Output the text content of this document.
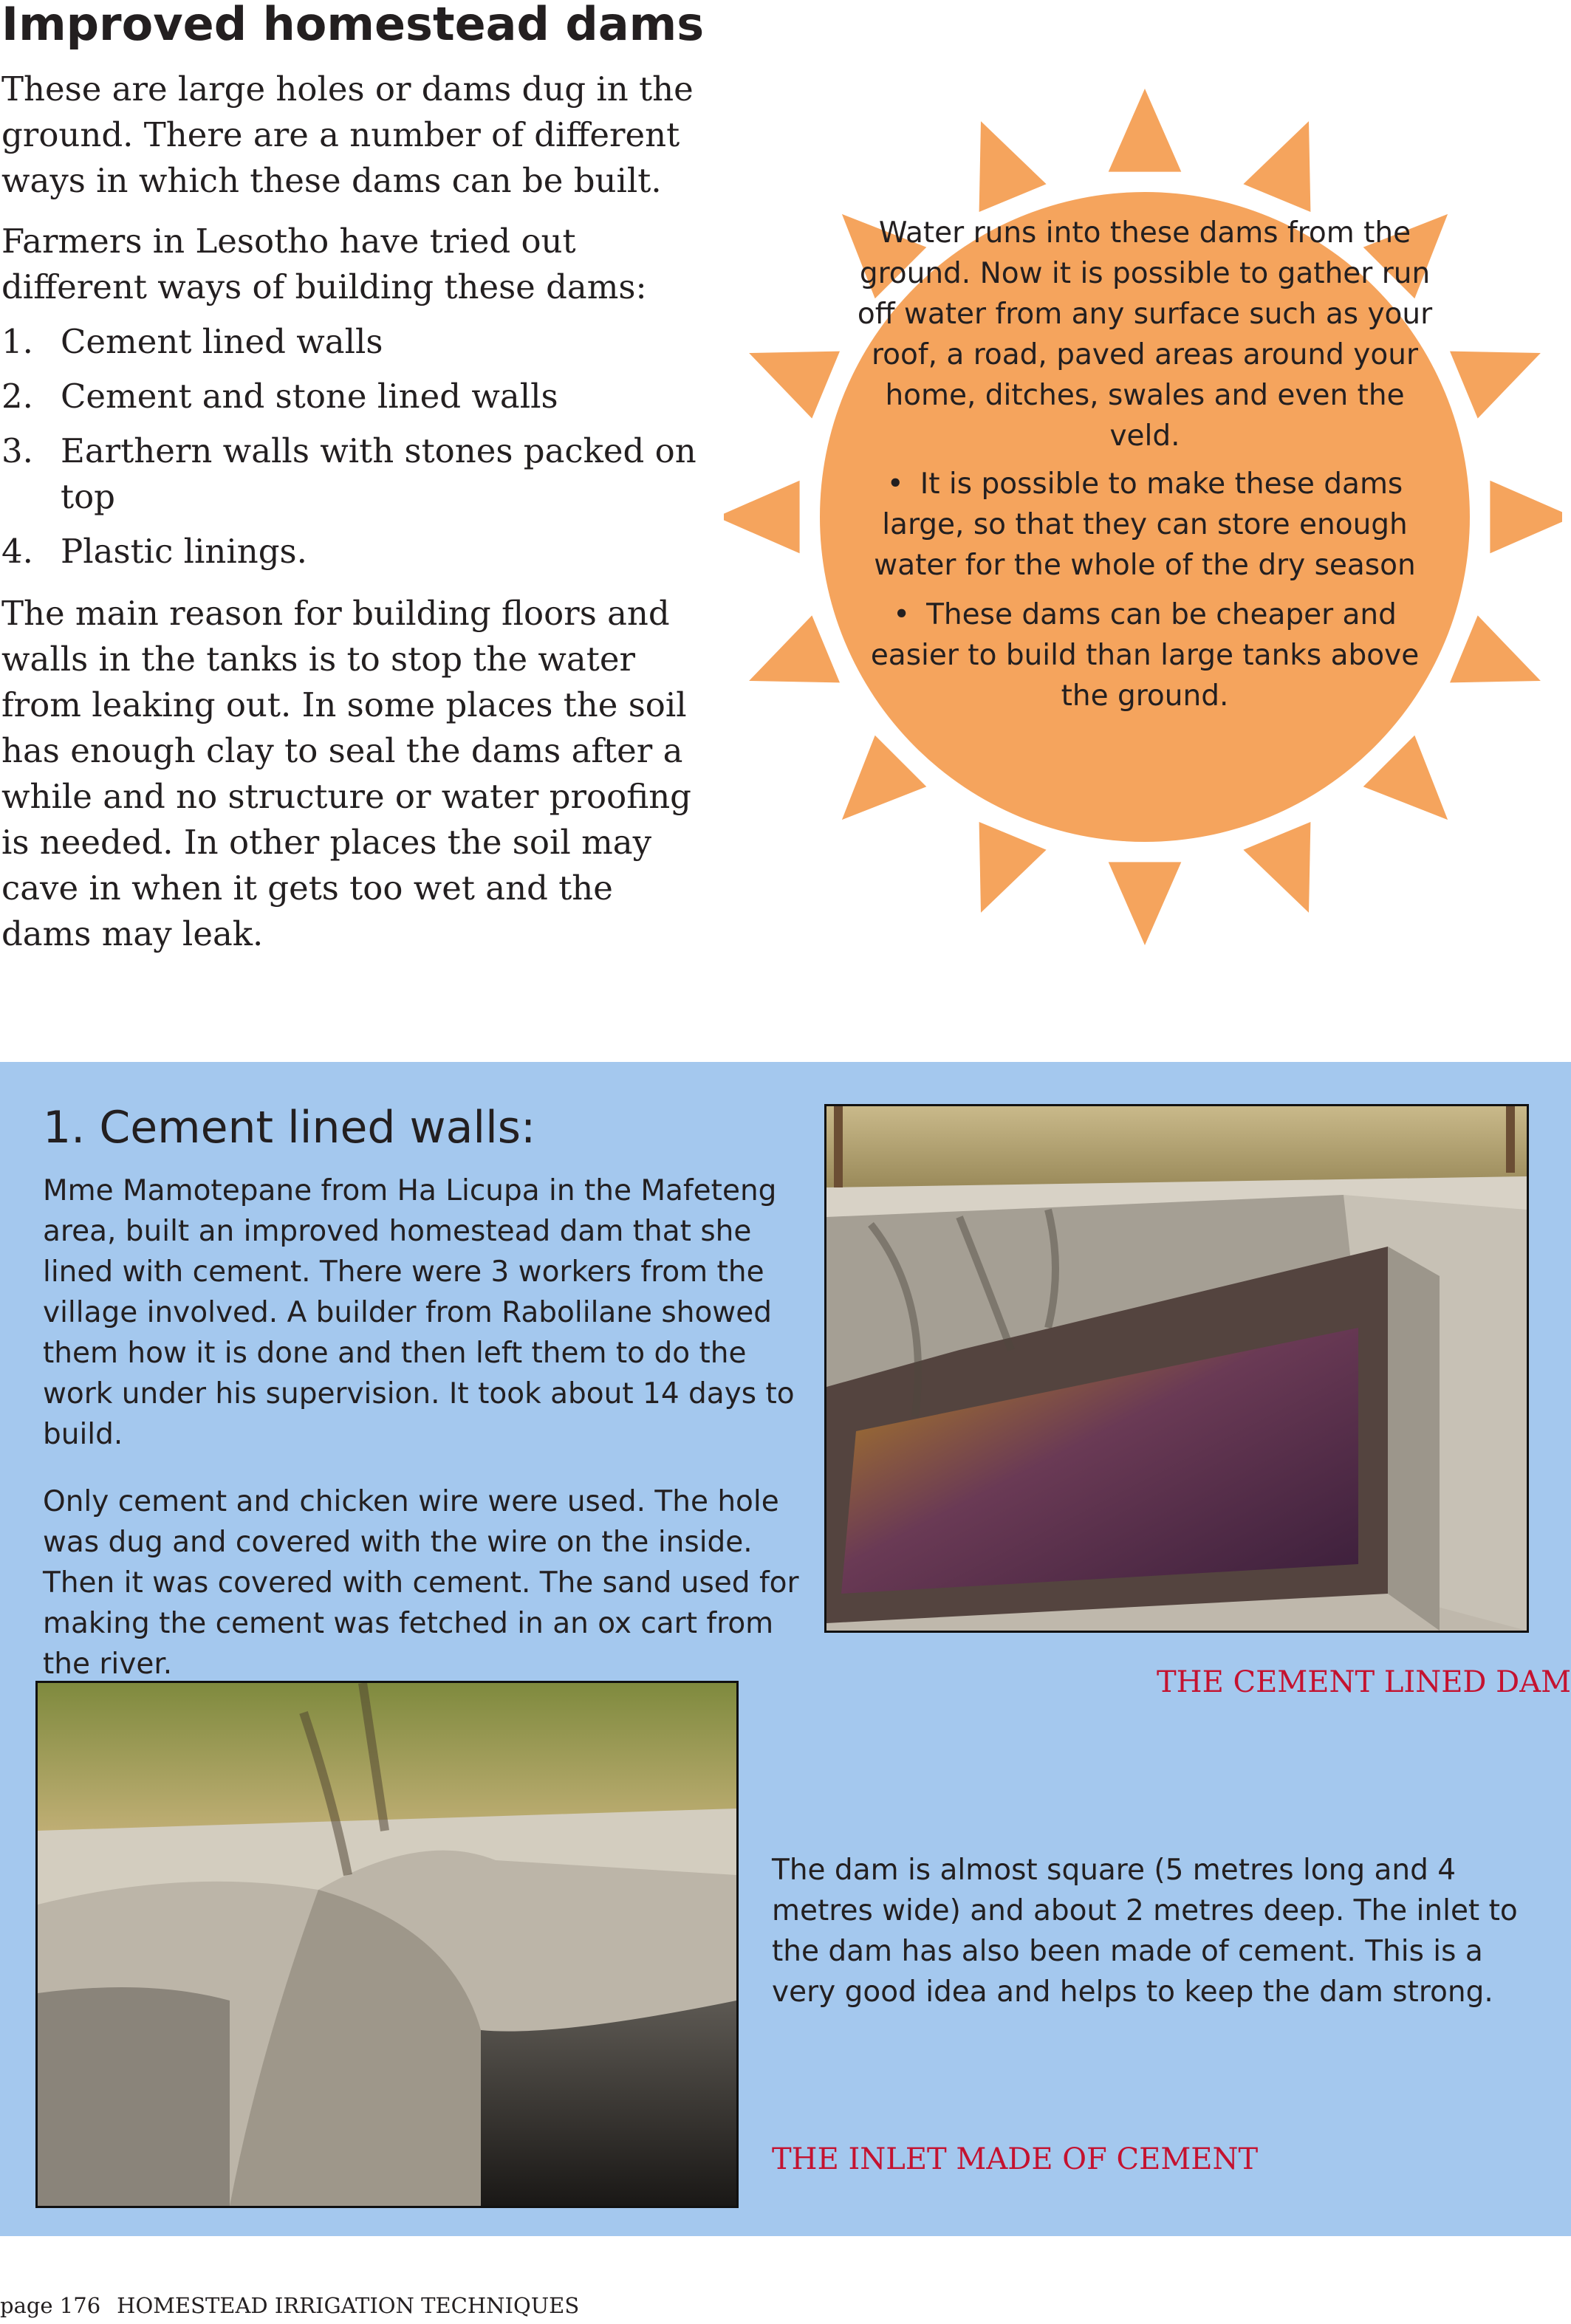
Improved homestead dams

These are large holes or dams dug in the ground. There are a number of different ways in which these dams can be built.

Farmers in Lesotho have tried out different ways of building these dams:

1. Cement lined walls
2. Cement and stone lined walls
3. Earthern walls with stones packed on top
4. Plastic linings.

The main reason for building floors and walls in the tanks is to stop the water from leaking out. In some places the soil has enough clay to seal the dams after a while and no structure or water proofing is needed. In other places the soil may cave in when it gets too wet and the dams may leak.

Water runs into these dams from the ground. Now it is possible to gather run off water from any surface such as your roof, a road, paved areas around your home, ditches, swales and even the veld.

• It is possible to make these dams large, so that they can store enough water for the whole of the dry season
• These dams can be cheaper and easier to build than large tanks above the ground.
1. Cement lined walls:

Mme Mamotepane from Ha Licupa in the Mafeteng area, built an improved homestead dam that she lined with cement. There were 3 workers from the village involved. A builder from Rabolilane showed them how it is done and then left them to do the work under his supervision. It took about 14 days to build.

Only cement and chicken wire were used. The hole was dug and covered with the wire on the inside. Then it was covered with cement. The sand used for making the cement was fetched in an ox cart from the river.

THE CEMENT LINED DAM

The dam is almost square (5 metres long and 4 metres wide) and about 2 metres deep. The inlet to the dam has also been made of cement. This is a very good idea and helps to keep the dam strong.

THE INLET MADE OF CEMENT
page 176 HOMESTEAD IRRIGATION TECHNIQUES
